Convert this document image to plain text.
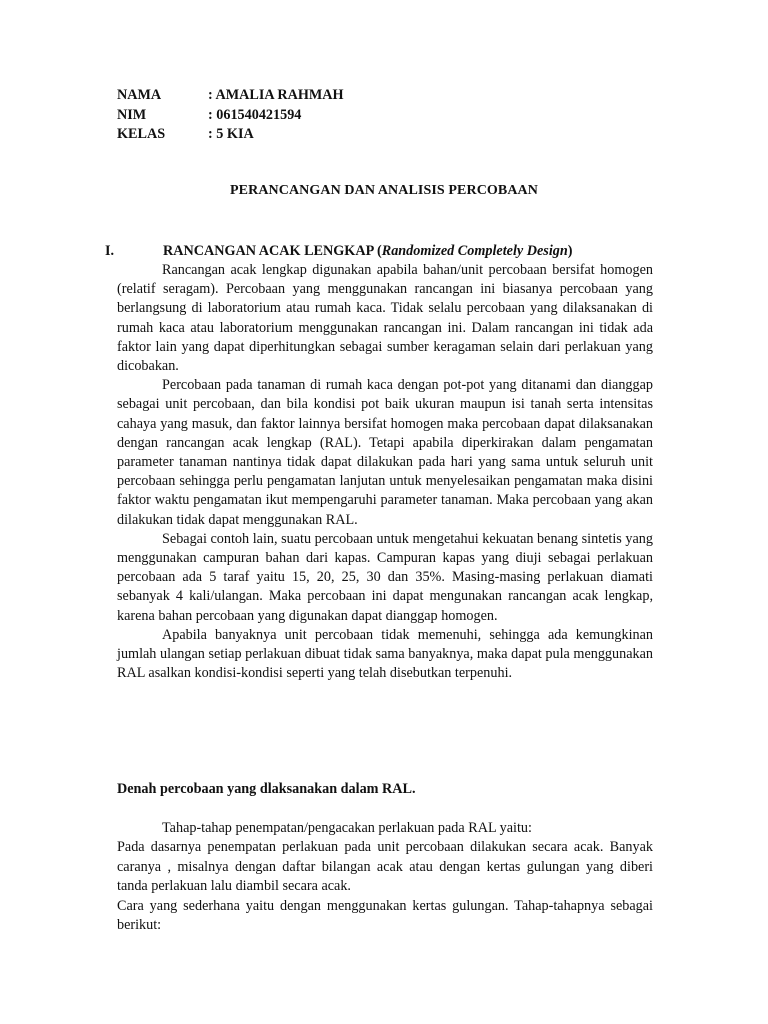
NAMA	: AMALIA RAHMAH
NIM	: 061540421594
KELAS	: 5 KIA
PERANCANGAN DAN ANALISIS PERCOBAAN
I.	RANCANGAN ACAK LENGKAP (Randomized Completely Design)

Rancangan acak lengkap digunakan apabila bahan/unit percobaan bersifat homogen (relatif seragam). Percobaan yang menggunakan rancangan ini biasanya percobaan yang berlangsung di laboratorium atau rumah kaca. Tidak selalu percobaan yang dilaksanakan di rumah kaca atau laboratorium menggunakan rancangan ini. Dalam rancangan ini tidak ada faktor lain yang dapat diperhitungkan sebagai sumber keragaman selain dari perlakuan yang dicobakan.

Percobaan pada tanaman di rumah kaca dengan pot-pot yang ditanami dan dianggap sebagai unit percobaan, dan bila kondisi pot baik ukuran maupun isi tanah serta intensitas cahaya yang masuk, dan faktor lainnya bersifat homogen maka percobaan dapat dilaksanakan dengan rancangan acak lengkap (RAL). Tetapi apabila diperkirakan dalam pengamatan parameter tanaman nantinya tidak dapat dilakukan pada hari yang sama untuk seluruh unit percobaan sehingga perlu pengamatan lanjutan untuk menyelesaikan pengamatan maka disini faktor waktu pengamatan ikut mempengaruhi parameter tanaman. Maka percobaan yang akan dilakukan tidak dapat menggunakan RAL.

Sebagai contoh lain, suatu percobaan untuk mengetahui kekuatan benang sintetis yang menggunakan campuran bahan dari kapas. Campuran kapas yang diuji sebagai perlakuan percobaan ada 5 taraf yaitu 15, 20, 25, 30 dan 35%. Masing-masing perlakuan diamati sebanyak 4 kali/ulangan. Maka percobaan ini dapat mengunakan rancangan acak lengkap, karena bahan percobaan yang digunakan dapat dianggap homogen.

Apabila banyaknya unit percobaan tidak memenuhi, sehingga ada kemungkinan jumlah ulangan setiap perlakuan dibuat tidak sama banyaknya, maka dapat pula menggunakan RAL asalkan kondisi-kondisi seperti yang telah disebutkan terpenuhi.

Denah percobaan yang dlaksanakan dalam RAL.
Tahap-tahap penempatan/pengacakan perlakuan pada RAL yaitu:

Pada dasarnya penempatan perlakuan pada unit percobaan dilakukan secara acak. Banyak caranya , misalnya dengan daftar bilangan acak atau dengan kertas gulungan yang diberi tanda perlakuan lalu diambil secara acak.

Cara yang sederhana yaitu dengan menggunakan kertas gulungan. Tahap-tahapnya sebagai berikut:
